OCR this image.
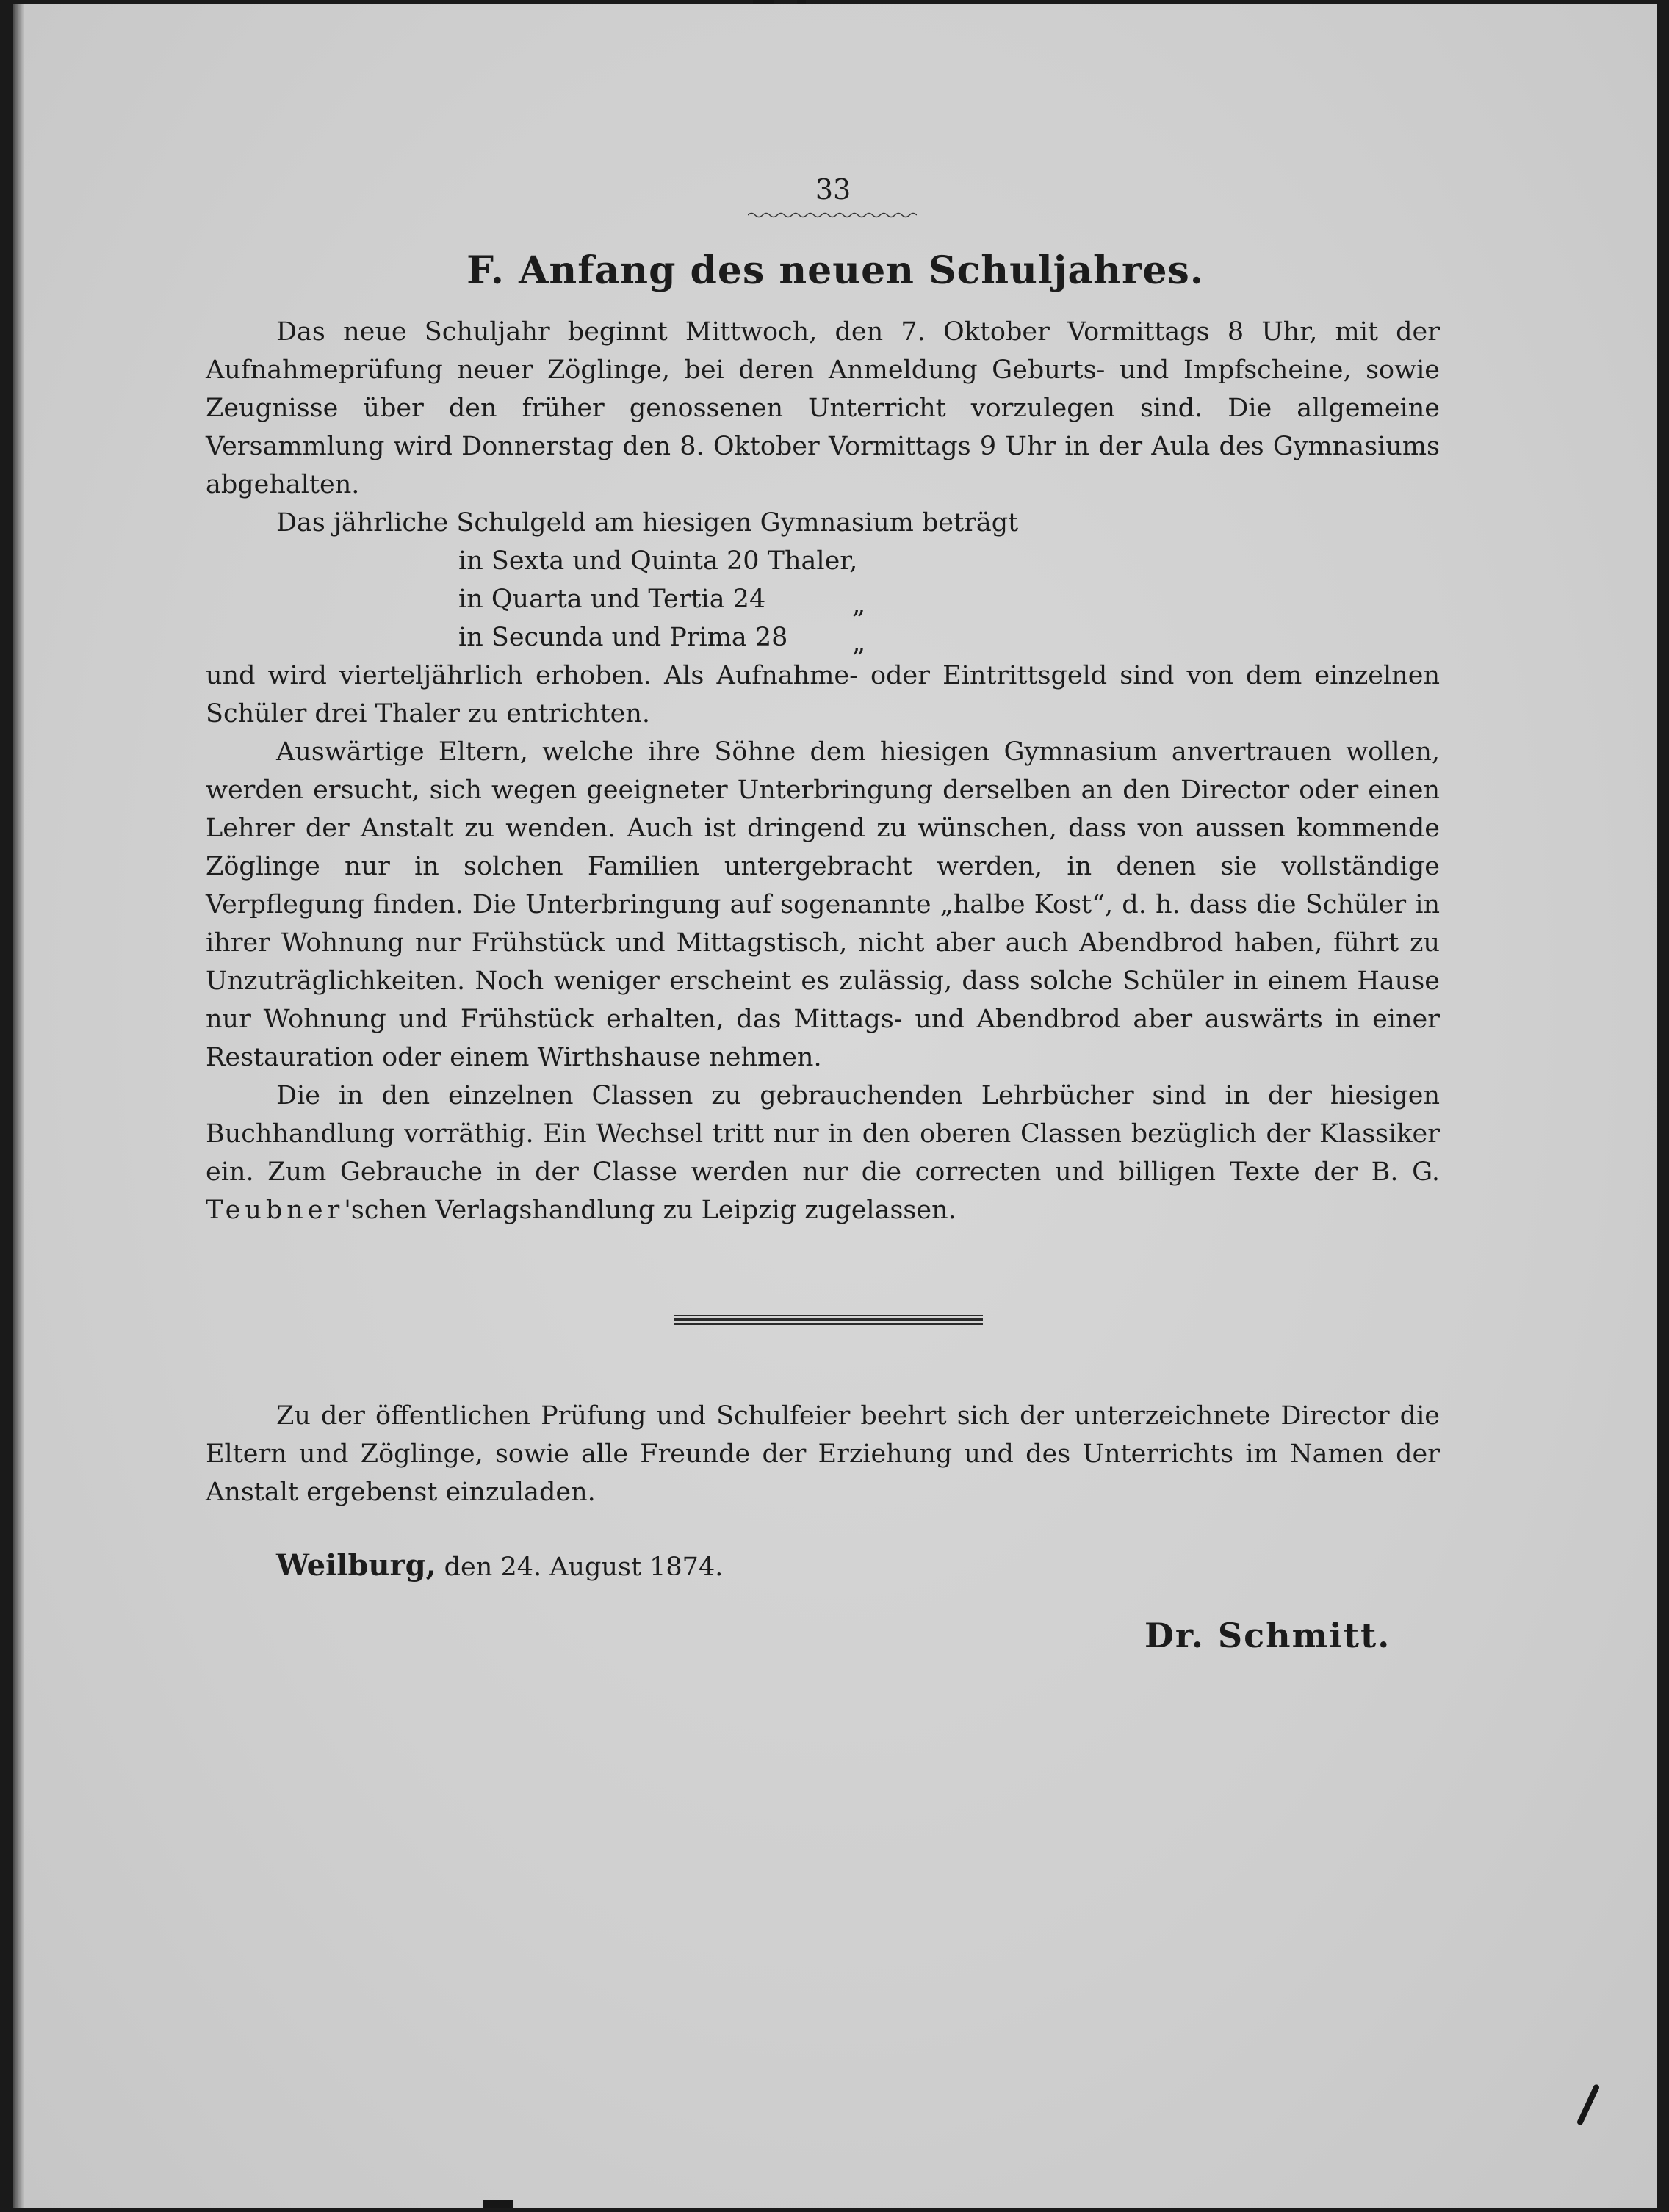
33
F. Anfang des neuen Schuljahres.

Das neue Schuljahr beginnt Mittwoch, den 7. Oktober Vormittags 8 Uhr, mit der Aufnahmeprüfung neuer Zöglinge, bei deren Anmeldung Geburts- und Impfscheine, sowie Zeugnisse über den früher genossenen Unterricht vorzulegen sind. Die allgemeine Versammlung wird Donnerstag den 8. Oktober Vormittags 9 Uhr in der Aula des Gymnasiums abgehalten.

Das jährliche Schulgeld am hiesigen Gymnasium beträgt

in Sexta und Quinta 20 Thaler,
in Quarta und Tertia 24
in Secunda und Prima 28
„
„

und wird vierteljährlich erhoben. Als Aufnahme- oder Eintrittsgeld sind von dem einzelnen Schüler drei Thaler zu entrichten.

Auswärtige Eltern, welche ihre Söhne dem hiesigen Gymnasium anvertrauen wollen, werden ersucht, sich wegen geeigneter Unterbringung derselben an den Director oder einen Lehrer der Anstalt zu wenden. Auch ist dringend zu wünschen, dass von aussen kommende Zöglinge nur in solchen Familien untergebracht werden, in denen sie vollständige Verpflegung finden. Die Unterbringung auf sogenannte „halbe Kost“, d. h. dass die Schüler in ihrer Wohnung nur Frühstück und Mittagstisch, nicht aber auch Abendbrod haben, führt zu Unzuträglichkeiten. Noch weniger erscheint es zulässig, dass solche Schüler in einem Hause nur Wohnung und Frühstück erhalten, das Mittags- und Abendbrod aber auswärts in einer Restauration oder einem Wirthshause nehmen.

Die in den einzelnen Classen zu gebrauchenden Lehrbücher sind in der hiesigen Buchhandlung vorräthig. Ein Wechsel tritt nur in den oberen Classen bezüglich der Klassiker ein. Zum Gebrauche in der Classe werden nur die correcten und billigen Texte der B. G. Teubner'schen Verlagshandlung zu Leipzig zugelassen.

Zu der öffentlichen Prüfung und Schulfeier beehrt sich der unterzeichnete Director die Eltern und Zöglinge, sowie alle Freunde der Erziehung und des Unterrichts im Namen der Anstalt ergebenst einzuladen.

Weilburg, den 24. August 1874.
Dr. Schmitt.
